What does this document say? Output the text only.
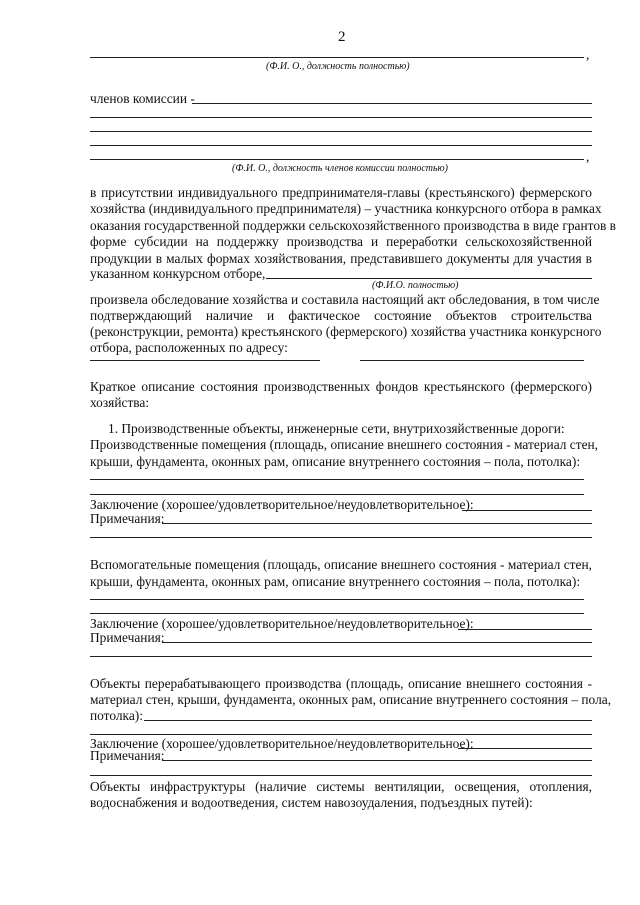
2
,
(Ф.И. О., должность полностью)
членов комиссии -
,
(Ф.И. О., должность членов комиссии полностью)
в присутствии индивидуального предпринимателя-главы (крестьянского) фермерского
хозяйства (индивидуального предпринимателя) – участника конкурсного отбора в рамках
оказания государственной поддержки сельскохозяйственного производства в виде грантов в
форме субсидии на поддержку производства и переработки сельскохозяйственной
продукции в малых формах хозяйствования, представившего документы для участия в
указанном конкурсном отборе,
(Ф.И.О. полностью)
произвела обследование хозяйства и составила настоящий акт обследования, в том числе
подтверждающий наличие и фактическое состояние объектов строительства
(реконструкции, ремонта) крестьянского (фермерского) хозяйства участника конкурсного
отбора, расположенных по адресу:
Краткое описание состояния производственных фондов крестьянского (фермерского)
хозяйства:
1. Производственные объекты, инженерные сети, внутрихозяйственные дороги:
Производственные помещения (площадь, описание внешнего состояния - материал стен,
крыши, фундамента, оконных рам, описание внутреннего состояния – пола, потолка):
Заключение (хорошее/удовлетворительное/неудовлетворительное):
Примечания:
Вспомогательные помещения (площадь, описание внешнего состояния - материал стен,
крыши, фундамента, оконных рам, описание внутреннего состояния – пола, потолка):
Заключение (хорошее/удовлетворительное/неудовлетворительное):
Примечания:
Объекты перерабатывающего производства (площадь, описание внешнего состояния -
материал стен, крыши, фундамента, оконных рам, описание внутреннего состояния – пола,
потолка):
Заключение (хорошее/удовлетворительное/неудовлетворительное):
Примечания:
Объекты инфраструктуры (наличие системы вентиляции, освещения, отопления,
водоснабжения и водоотведения, систем навозоудаления, подъездных путей):
